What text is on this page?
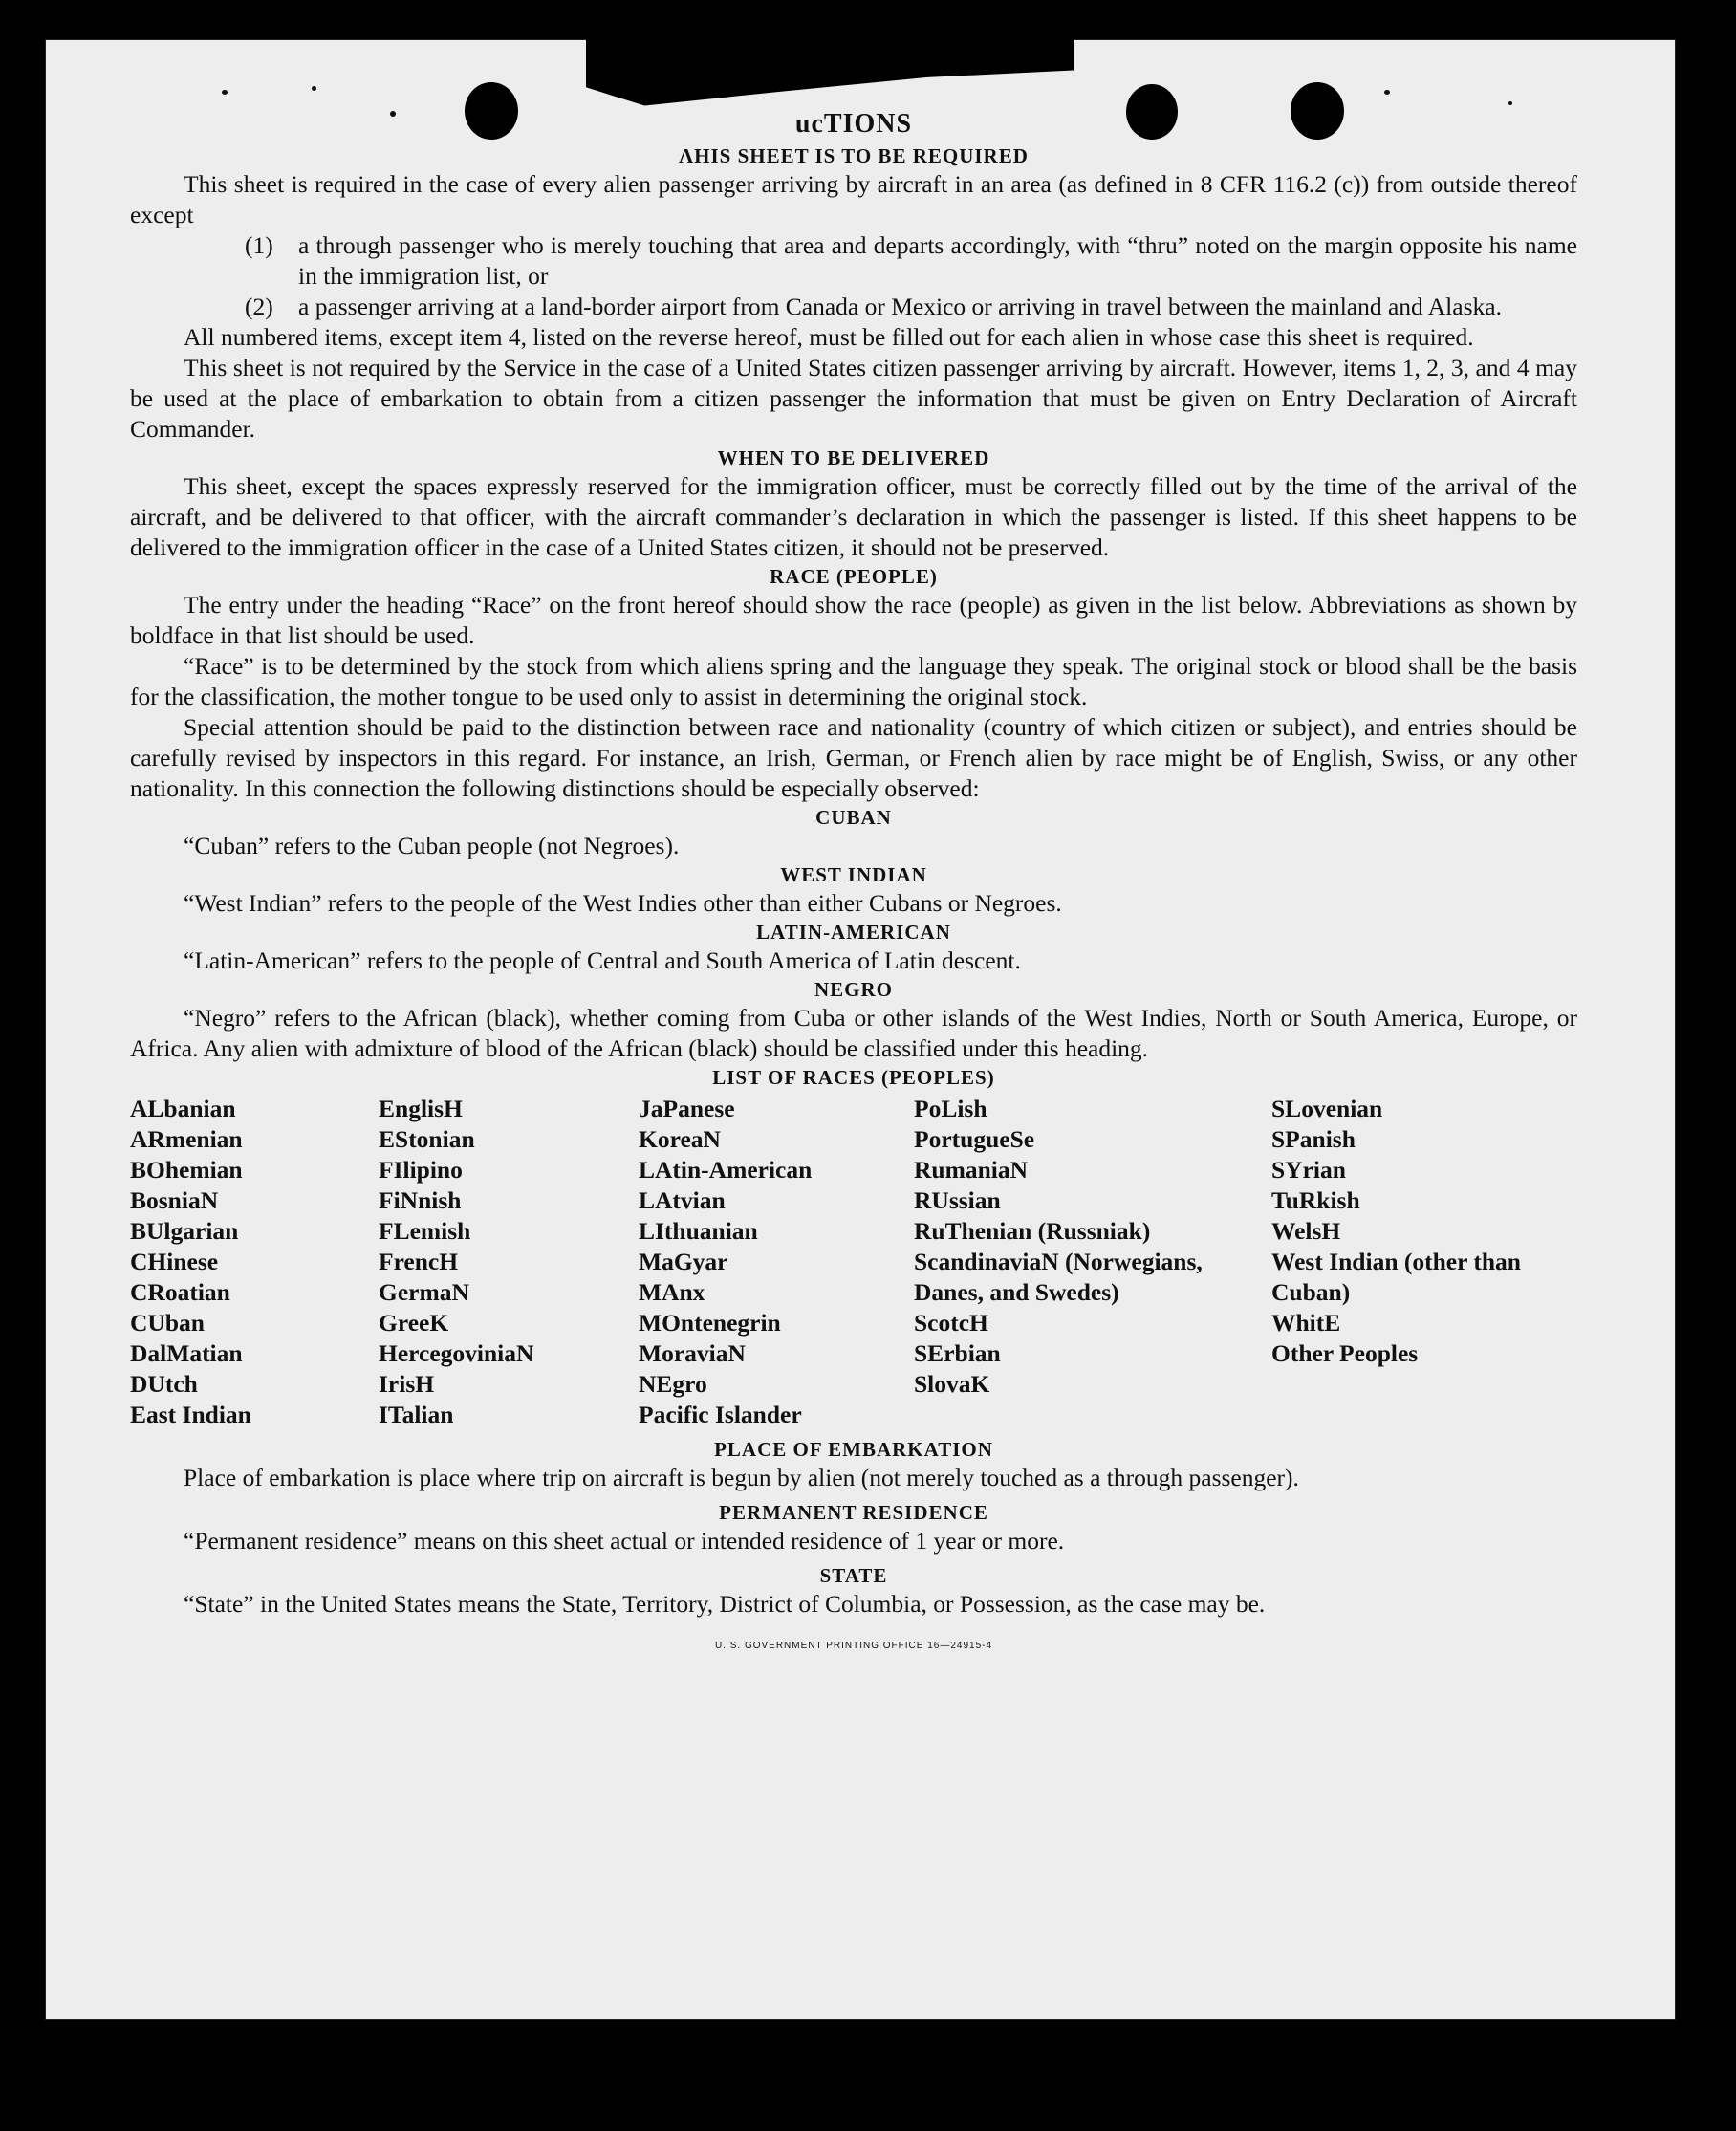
ucTIONS
ΛHIS SHEET IS TO BE REQUIRED

This sheet is required in the case of every alien passenger arriving by aircraft in an area (as defined in 8 CFR 116.2 (c)) from outside thereof except

(1)	a through passenger who is merely touching that area and departs accordingly, with “thru” noted on the margin opposite his name in the immigration list, or
(2)	a passenger arriving at a land-border airport from Canada or Mexico or arriving in travel between the mainland and Alaska.

All numbered items, except item 4, listed on the reverse hereof, must be filled out for each alien in whose case this sheet is required.

This sheet is not required by the Service in the case of a United States citizen passenger arriving by aircraft. However, items 1, 2, 3, and 4 may be used at the place of embarkation to obtain from a citizen passenger the information that must be given on Entry Declaration of Aircraft Commander.

WHEN TO BE DELIVERED

This sheet, except the spaces expressly reserved for the immigration officer, must be correctly filled out by the time of the arrival of the aircraft, and be delivered to that officer, with the aircraft commander’s declaration in which the passenger is listed. If this sheet happens to be delivered to the immigration officer in the case of a United States citizen, it should not be preserved.

RACE (PEOPLE)

The entry under the heading “Race” on the front hereof should show the race (people) as given in the list below. Abbreviations as shown by boldface in that list should be used.

“Race” is to be determined by the stock from which aliens spring and the language they speak. The original stock or blood shall be the basis for the classification, the mother tongue to be used only to assist in determining the original stock.

Special attention should be paid to the distinction between race and nationality (country of which citizen or subject), and entries should be carefully revised by inspectors in this regard. For instance, an Irish, German, or French alien by race might be of English, Swiss, or any other nationality. In this connection the following distinctions should be especially observed:

CUBAN

“Cuban” refers to the Cuban people (not Negroes).

WEST INDIAN

“West Indian” refers to the people of the West Indies other than either Cubans or Negroes.

LATIN-AMERICAN

“Latin-American” refers to the people of Central and South America of Latin descent.

NEGRO

“Negro” refers to the African (black), whether coming from Cuba or other islands of the West Indies, North or South America, Europe, or Africa. Any alien with admixture of blood of the African (black) should be classified under this heading.

LIST OF RACES (PEOPLES)
ALbanian
ARmenian
BOhemian
BosniaN
BUlgarian
CHinese
CRoatian
CUban
DalMatian
DUtch
East Indian
EnglisH
EStonian
FIlipino
FiNnish
FLemish
FrencH
GermaN
GreeK
HercegoviniaN
IrisH
ITalian
JaPanese
KoreaN
LAtin-American
LAtvian
LIthuanian
MaGyar
MAnx
MOntenegrin
MoraviaN
NEgro
Pacific Islander
PoLish
PortugueSe
RumaniaN
RUssian
RuThenian (Russniak)
ScandinaviaN (Norwegians, Danes, and Swedes)
ScotcH
SErbian
SlovaK
SLovenian
SPanish
SYrian
TuRkish
WelsH
West Indian (other than Cuban)
WhitE
Other Peoples
PLACE OF EMBARKATION

Place of embarkation is place where trip on aircraft is begun by alien (not merely touched as a through passenger).

PERMANENT RESIDENCE

“Permanent residence” means on this sheet actual or intended residence of 1 year or more.

STATE

“State” in the United States means the State, Territory, District of Columbia, or Possession, as the case may be.

U. S. GOVERNMENT PRINTING OFFICE 16—24915-4
